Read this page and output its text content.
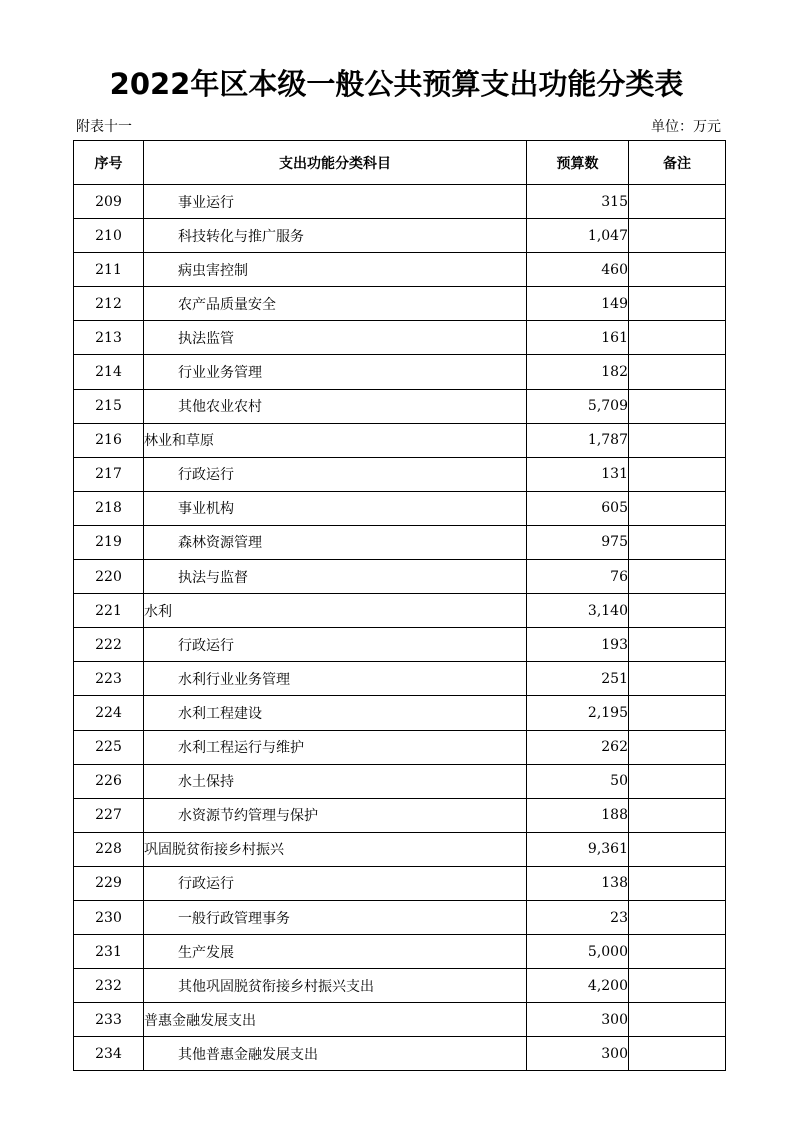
2022年区本级一般公共预算支出功能分类表
附表十一	单位：万元
序号	支出功能分类科目	预算数	备注
209	事业运行	315	
210	科技转化与推广服务	1,047	
211	病虫害控制	460	
212	农产品质量安全	149	
213	执法监管	161	
214	行业业务管理	182	
215	其他农业农村	5,709	
216	林业和草原	1,787	
217	行政运行	131	
218	事业机构	605	
219	森林资源管理	975	
220	执法与监督	76	
221	水利	3,140	
222	行政运行	193	
223	水利行业业务管理	251	
224	水利工程建设	2,195	
225	水利工程运行与维护	262	
226	水土保持	50	
227	水资源节约管理与保护	188	
228	巩固脱贫衔接乡村振兴	9,361	
229	行政运行	138	
230	一般行政管理事务	23	
231	生产发展	5,000	
232	其他巩固脱贫衔接乡村振兴支出	4,200	
233	普惠金融发展支出	300	
234	其他普惠金融发展支出	300	
